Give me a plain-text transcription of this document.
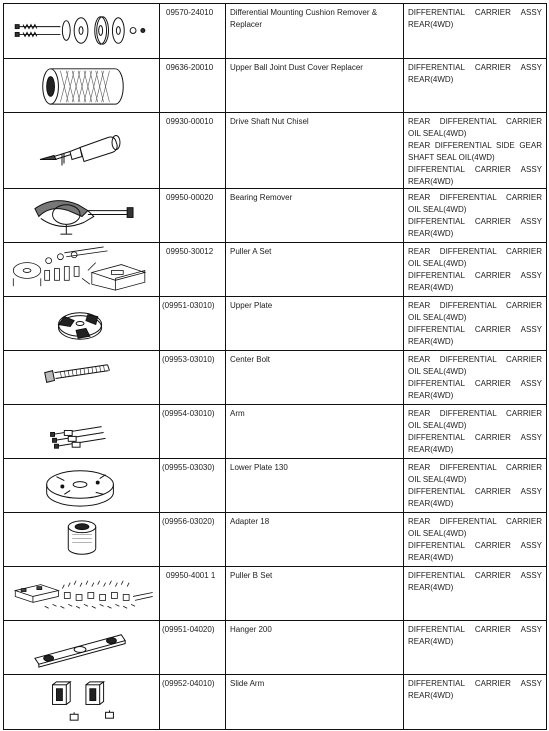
	09570-24010	Differential Mounting Cushion Remover & Replacer	DIFFERENTIAL CARRIER ASSY REAR(4WD)

	09636-20010	Upper Ball Joint Dust Cover Replacer	DIFFERENTIAL CARRIER ASSY REAR(4WD)

	09930-00010	Drive Shaft Nut Chisel	REAR DIFFERENTIAL CARRIER OIL SEAL(4WD)
REAR DIFFERENTIAL SIDE GEAR SHAFT SEAL OIL(4WD)
DIFFERENTIAL CARRIER ASSY REAR(4WD)

	09950-00020	Bearing Remover	REAR DIFFERENTIAL CARRIER OIL SEAL(4WD)
DIFFERENTIAL CARRIER ASSY REAR(4WD)

	09950-30012	Puller A Set	REAR DIFFERENTIAL CARRIER OIL SEAL(4WD)
DIFFERENTIAL CARRIER ASSY REAR(4WD)

	(09951-03010)	Upper Plate	REAR DIFFERENTIAL CARRIER OIL SEAL(4WD)
DIFFERENTIAL CARRIER ASSY REAR(4WD)

	(09953-03010)	Center Bolt	REAR DIFFERENTIAL CARRIER OIL SEAL(4WD)
DIFFERENTIAL CARRIER ASSY REAR(4WD)

	(09954-03010)	Arm	REAR DIFFERENTIAL CARRIER OIL SEAL(4WD)
DIFFERENTIAL CARRIER ASSY REAR(4WD)

	(09955-03030)	Lower Plate 130	REAR DIFFERENTIAL CARRIER OIL SEAL(4WD)
DIFFERENTIAL CARRIER ASSY REAR(4WD)

	(09956-03020)	Adapter 18	REAR DIFFERENTIAL CARRIER OIL SEAL(4WD)
DIFFERENTIAL CARRIER ASSY REAR(4WD)

	09950-4001 1	Puller B Set	DIFFERENTIAL CARRIER ASSY REAR(4WD)

	(09951-04020)	Hanger 200	DIFFERENTIAL CARRIER ASSY REAR(4WD)

	(09952-04010)	Slide Arm	DIFFERENTIAL CARRIER ASSY REAR(4WD)
